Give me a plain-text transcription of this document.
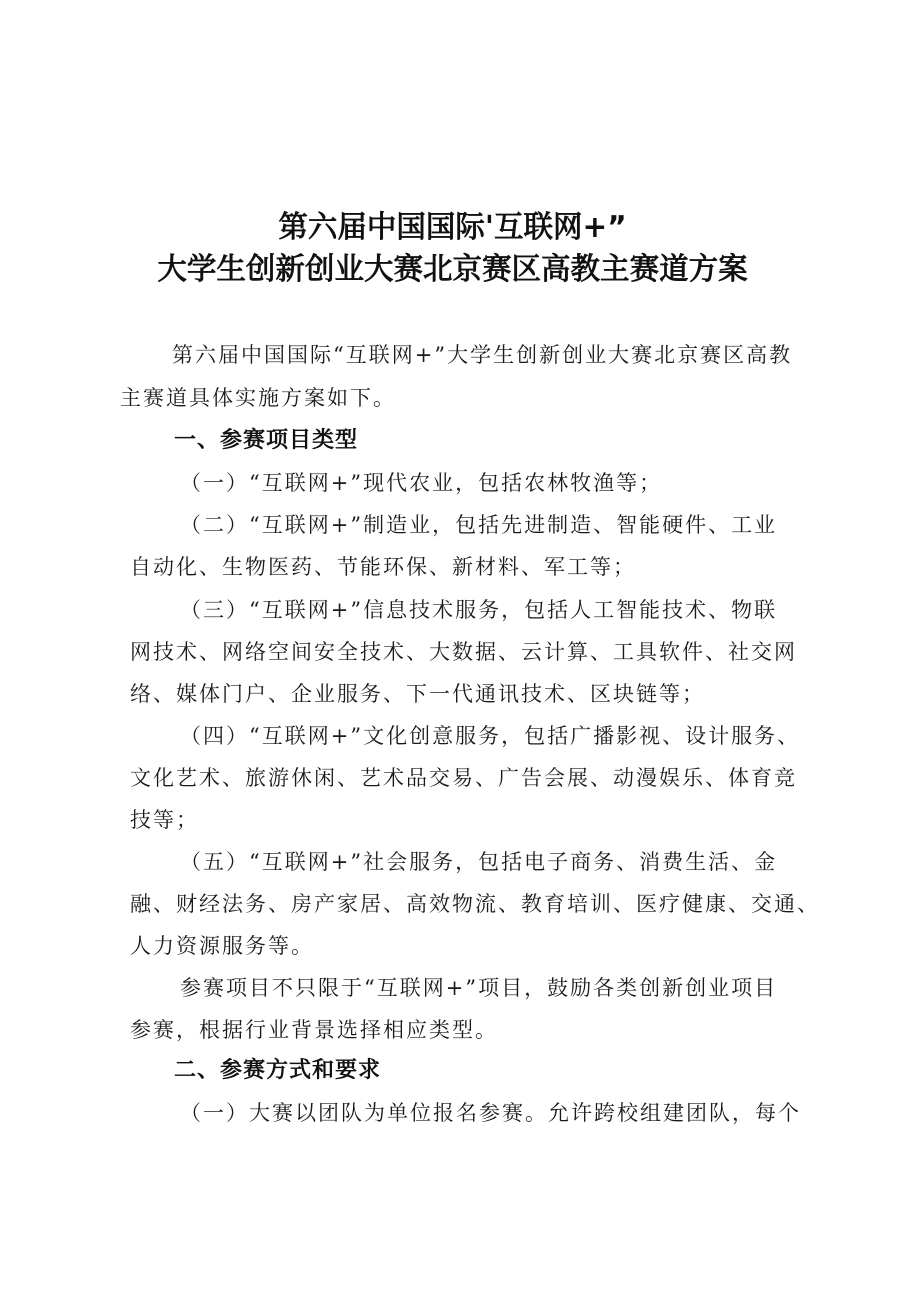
第六届中国国际'互联网+”
大学生创新创业大赛北京赛区高教主赛道方案
第六届中国国际“互联网+”大学生创新创业大赛北京赛区高教
主赛道具体实施方案如下。
一、参赛项目类型
（一）“互联网+”现代农业，包括农林牧渔等；
（二）“互联网+”制造业，包括先进制造、智能硬件、工业
自动化、生物医药、节能环保、新材料、军工等；
（三）“互联网+”信息技术服务，包括人工智能技术、物联
网技术、网络空间安全技术、大数据、云计算、工具软件、社交网
络、媒体门户、企业服务、下一代通讯技术、区块链等；
（四）“互联网+”文化创意服务，包括广播影视、设计服务、
文化艺术、旅游休闲、艺术品交易、广告会展、动漫娱乐、体育竞
技等；
（五）“互联网+”社会服务，包括电子商务、消费生活、金
融、财经法务、房产家居、高效物流、教育培训、医疗健康、交通、
人力资源服务等。
参赛项目不只限于“互联网+”项目，鼓励各类创新创业项目
参赛，根据行业背景选择相应类型。
二、参赛方式和要求
（一）大赛以团队为单位报名参赛。允许跨校组建团队，每个
